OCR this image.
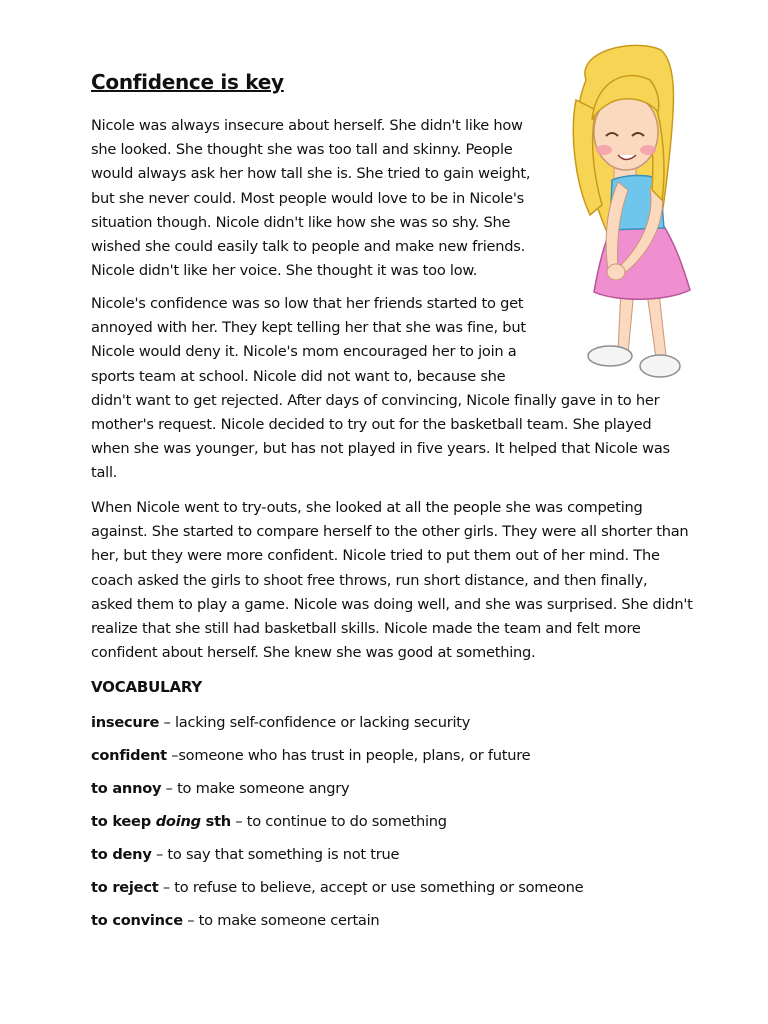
Confidence is key

Nicole was always insecure about herself. She didn't like how
she looked. She thought she was too tall and skinny. People
would always ask her how tall she is. She tried to gain weight,
but she never could. Most people would love to be in Nicole's
situation though. Nicole didn't like how she was so shy. She
wished she could easily talk to people and make new friends.
Nicole didn't like her voice. She thought it was too low.

Nicole's confidence was so low that her friends started to get
annoyed with her. They kept telling her that she was fine, but
Nicole would deny it. Nicole's mom encouraged her to join a
sports team at school. Nicole did not want to, because she
didn't want to get rejected. After days of convincing, Nicole finally gave in to her
mother's request. Nicole decided to try out for the basketball team. She played
when she was younger, but has not played in five years. It helped that Nicole was
tall.

When Nicole went to try-outs, she looked at all the people she was competing
against. She started to compare herself to the other girls. They were all shorter than
her, but they were more confident. Nicole tried to put them out of her mind. The
coach asked the girls to shoot free throws, run short distance, and then finally,
asked them to play a game. Nicole was doing well, and she was surprised. She didn't
realize that she still had basketball skills. Nicole made the team and felt more
confident about herself. She knew she was good at something.

VOCABULARY

insecure – lacking self-confidence or lacking security

confident –someone who has trust in people, plans, or future

to annoy – to make someone angry

to keep doing sth – to continue to do something

to deny – to say that something is not true

to reject – to refuse to believe, accept or use something or someone

to convince – to make someone certain
